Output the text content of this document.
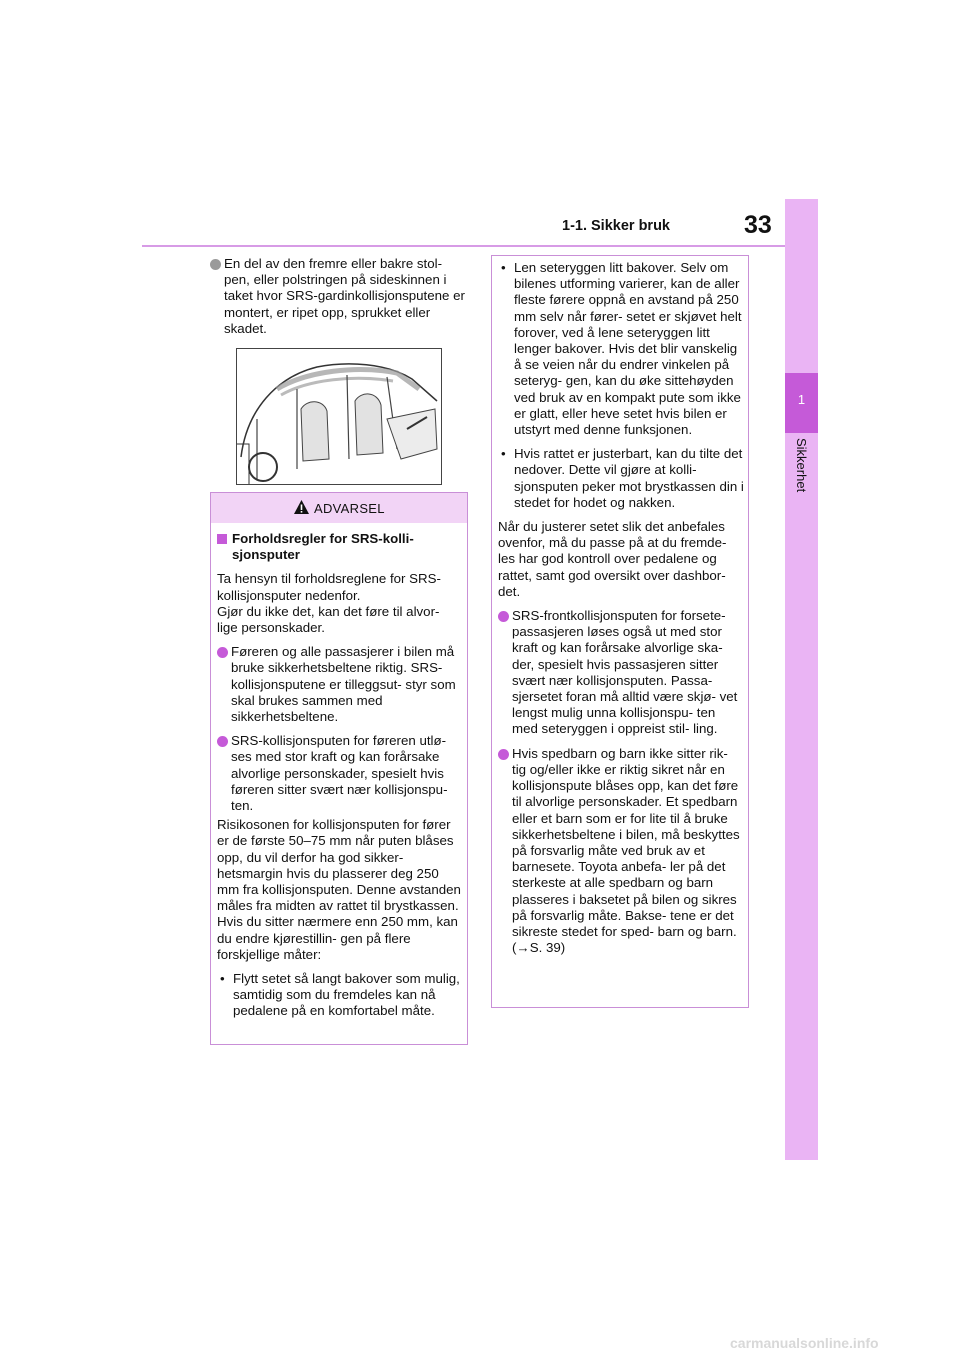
1-1. Sikker bruk	33
1
Sikkerhet
En del av den fremre eller bakre stol- pen, eller polstringen på sideskinnen i taket hvor SRS-gardinkollisjonsputene er montert, er ripet opp, sprukket eller skadet.
ADVARSEL
Forholdsregler for SRS-kolli- sjonsputer
Ta hensyn til forholdsreglene for SRS-kollisjonsputer nedenfor.
Gjør du ikke det, kan det føre til alvor- lige personskader.
Føreren og alle passasjerer i bilen må bruke sikkerhetsbeltene riktig. SRS-kollisjonsputene er tilleggsut- styr som skal brukes sammen med sikkerhetsbeltene.
SRS-kollisjonsputen for føreren utlø- ses med stor kraft og kan forårsake alvorlige personskader, spesielt hvis føreren sitter svært nær kollisjonspu- ten.
Risikosonen for kollisjonsputen for fører er de første 50–75 mm når puten blåses opp, du vil derfor ha god sikker- hetsmargin hvis du plasserer deg 250 mm fra kollisjonsputen. Denne avstanden måles fra midten av rattet til brystkassen. Hvis du sitter nærmere enn 250 mm, kan du endre kjørestillin- gen på flere forskjellige måter:
• Flytt setet så langt bakover som mulig, samtidig som du fremdeles kan nå pedalene på en komfortabel måte.
• Len seteryggen litt bakover. Selv om bilenes utforming varierer, kan de aller fleste førere oppnå en avstand på 250 mm selv når fører- setet er skjøvet helt forover, ved å lene seteryggen litt lenger bakover. Hvis det blir vanskelig å se veien når du endrer vinkelen på seteryg- gen, kan du øke sittehøyden ved bruk av en kompakt pute som ikke er glatt, eller heve setet hvis bilen er utstyrt med denne funksjonen.
• Hvis rattet er justerbart, kan du tilte det nedover. Dette vil gjøre at kolli- sjonsputen peker mot brystkassen din i stedet for hodet og nakken.
Når du justerer setet slik det anbefales ovenfor, må du passe på at du fremde- les har god kontroll over pedalene og rattet, samt god oversikt over dashbor- det.
SRS-frontkollisjonsputen for forsete- passasjeren løses også ut med stor kraft og kan forårsake alvorlige ska- der, spesielt hvis passasjeren sitter svært nær kollisjonsputen. Passa- sjersetet foran må alltid være skjø- vet lengst mulig unna kollisjonspu- ten med seteryggen i oppreist stil- ling.
Hvis spedbarn og barn ikke sitter rik- tig og/eller ikke er riktig sikret når en kollisjonspute blåses opp, kan det føre til alvorlige personskader. Et spedbarn eller et barn som er for lite til å bruke sikkerhetsbeltene i bilen, må beskyttes på forsvarlig måte ved bruk av et barnesete. Toyota anbefa- ler på det sterkeste at alle spedbarn og barn plasseres i baksetet på bilen og sikres på forsvarlig måte. Bakse- tene er det sikreste stedet for sped- barn og barn. (→S. 39)
carmanualsonline.info
